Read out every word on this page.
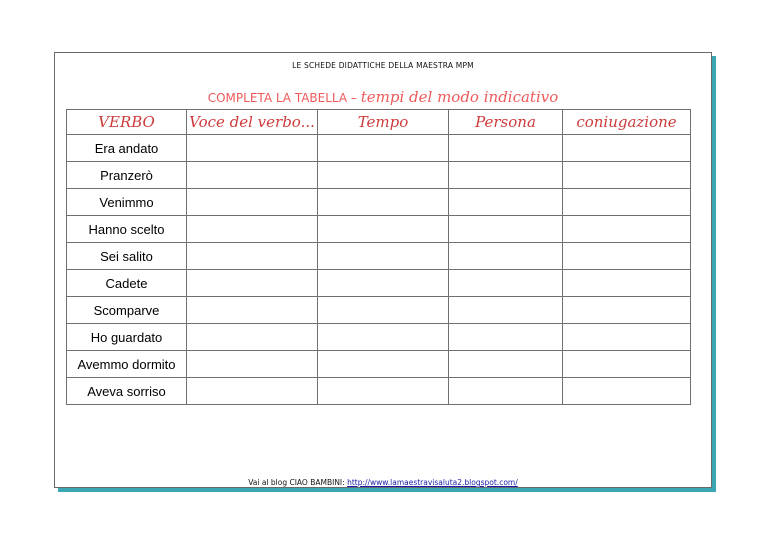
LE SCHEDE DIDATTICHE DELLA MAESTRA MPM
COMPLETA LA TABELLA – tempi del modo indicativo
VERBO	Voce del verbo...	Tempo	Persona	coniugazione
Era andato				
Pranzerò				
Venimmo				
Hanno scelto				
Sei salito				
Cadete				
Scomparve				
Ho guardato				
Avemmo dormito				
Aveva sorriso				
Vai al blog CIAO BAMBINI: http://www.lamaestravisaluta2.blogspot.com/
